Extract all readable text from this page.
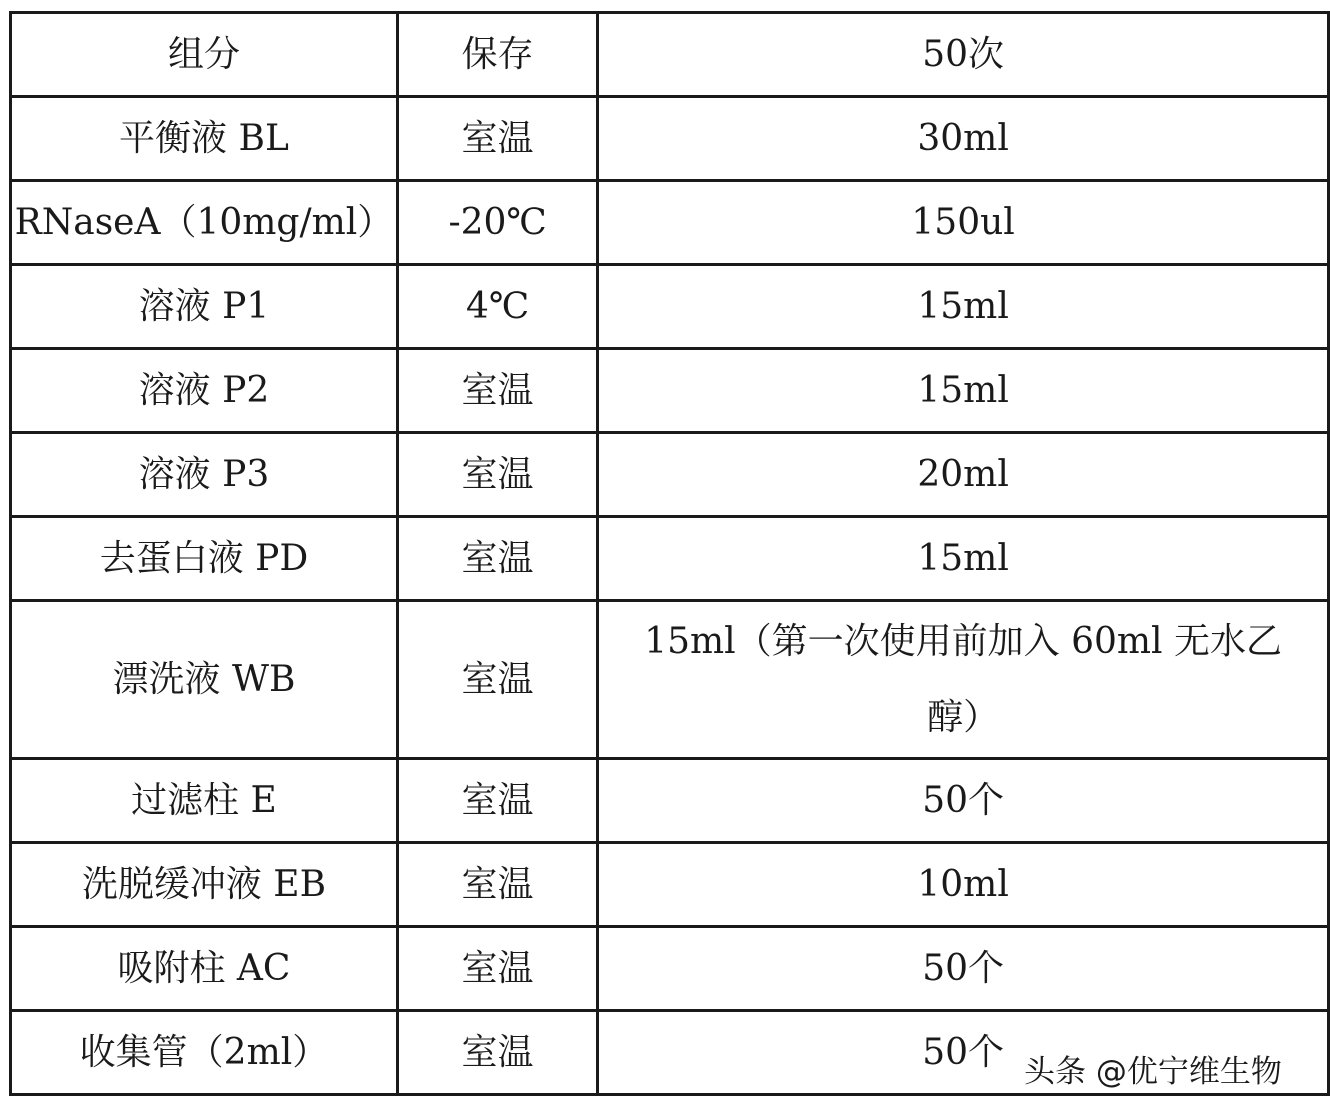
组分	保存	50次
平衡液 BL	室温	30ml
RNaseA（10mg/ml）	-20℃	150ul
溶液 P1	4℃	15ml
溶液 P2	室温	15ml
溶液 P3	室温	20ml
去蛋白液 PD	室温	15ml
漂洗液 WB	室温	15ml（第一次使用前加入 60ml 无水乙醇）
过滤柱 E	室温	50个
洗脱缓冲液 EB	室温	10ml
吸附柱 AC	室温	50个
收集管（2ml）	室温	50个 头条 @优宁维生物
